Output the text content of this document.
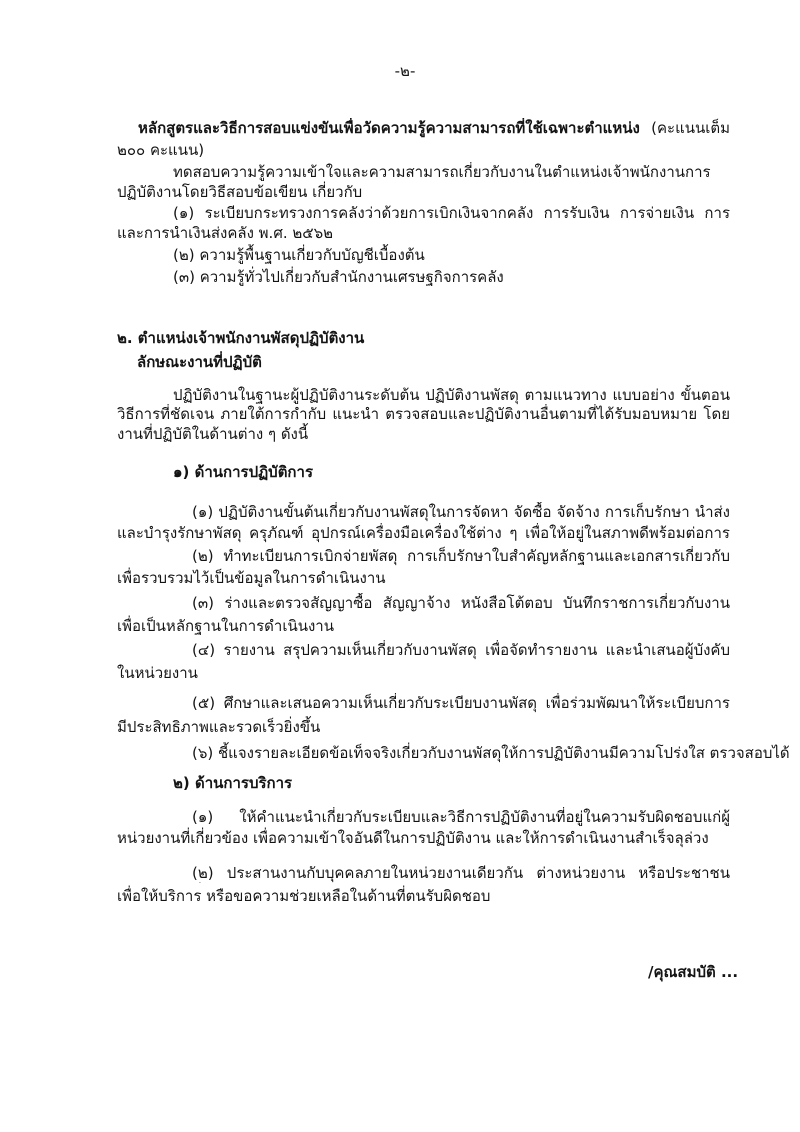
-๒-
หลักสูตรและวิธีการสอบแข่งขันเพื่อวัดความรู้ความสามารถที่ใช้เฉพาะตำแหน่ง (คะแนนเต็ม
๒๐๐ คะแนน)
ทดสอบความรู้ความเข้าใจและความสามารถเกี่ยวกับงานในตำแหน่งเจ้าพนักงานการ
ปฏิบัติงานโดยวิธีสอบข้อเขียน เกี่ยวกับ
(๑) ระเบียบกระทรวงการคลังว่าด้วยการเบิกเงินจากคลัง การรับเงิน การจ่ายเงิน การ
และการนำเงินส่งคลัง พ.ศ. ๒๕๖๒
(๒) ความรู้พื้นฐานเกี่ยวกับบัญชีเบื้องต้น
(๓) ความรู้ทั่วไปเกี่ยวกับสำนักงานเศรษฐกิจการคลัง
๒. ตำแหน่งเจ้าพนักงานพัสดุปฏิบัติงาน
ลักษณะงานที่ปฏิบัติ
ปฏิบัติงานในฐานะผู้ปฏิบัติงานระดับต้น ปฏิบัติงานพัสดุ ตามแนวทาง แบบอย่าง ขั้นตอน
วิธีการที่ชัดเจน ภายใต้การกำกับ แนะนำ ตรวจสอบและปฏิบัติงานอื่นตามที่ได้รับมอบหมาย โดย
งานที่ปฏิบัติในด้านต่าง ๆ ดังนี้
๑) ด้านการปฏิบัติการ
(๑) ปฏิบัติงานขั้นต้นเกี่ยวกับงานพัสดุในการจัดหา จัดซื้อ จัดจ้าง การเก็บรักษา นำส่ง
และบำรุงรักษาพัสดุ ครุภัณฑ์ อุปกรณ์เครื่องมือเครื่องใช้ต่าง ๆ เพื่อให้อยู่ในสภาพดีพร้อมต่อการ
(๒) ทำทะเบียนการเบิกจ่ายพัสดุ การเก็บรักษาใบสำคัญหลักฐานและเอกสารเกี่ยวกับ
เพื่อรวบรวมไว้เป็นข้อมูลในการดำเนินงาน
(๓) ร่างและตรวจสัญญาซื้อ สัญญาจ้าง หนังสือโต้ตอบ บันทึกราชการเกี่ยวกับงาน
เพื่อเป็นหลักฐานในการดำเนินงาน
(๔) รายงาน สรุปความเห็นเกี่ยวกับงานพัสดุ เพื่อจัดทำรายงาน และนำเสนอผู้บังคับ
ในหน่วยงาน
(๕) ศึกษาและเสนอความเห็นเกี่ยวกับระเบียบงานพัสดุ เพื่อร่วมพัฒนาให้ระเบียบการ
มีประสิทธิภาพและรวดเร็วยิ่งขึ้น
(๖) ชี้แจงรายละเอียดข้อเท็จจริงเกี่ยวกับงานพัสดุให้การปฏิบัติงานมีความโปร่งใส ตรวจสอบได้
๒) ด้านการบริการ
(๑) ให้คำแนะนำเกี่ยวกับระเบียบและวิธีการปฏิบัติงานที่อยู่ในความรับผิดชอบแก่ผู้
หน่วยงานที่เกี่ยวข้อง เพื่อความเข้าใจอันดีในการปฏิบัติงาน และให้การดำเนินงานสำเร็จลุล่วง
(๒) ประสานงานกับบุคคลภายในหน่วยงานเดียวกัน ต่างหน่วยงาน หรือประชาชน
เพื่อให้บริการ หรือขอความช่วยเหลือในด้านที่ตนรับผิดชอบ
/คุณสมบัติ ...
